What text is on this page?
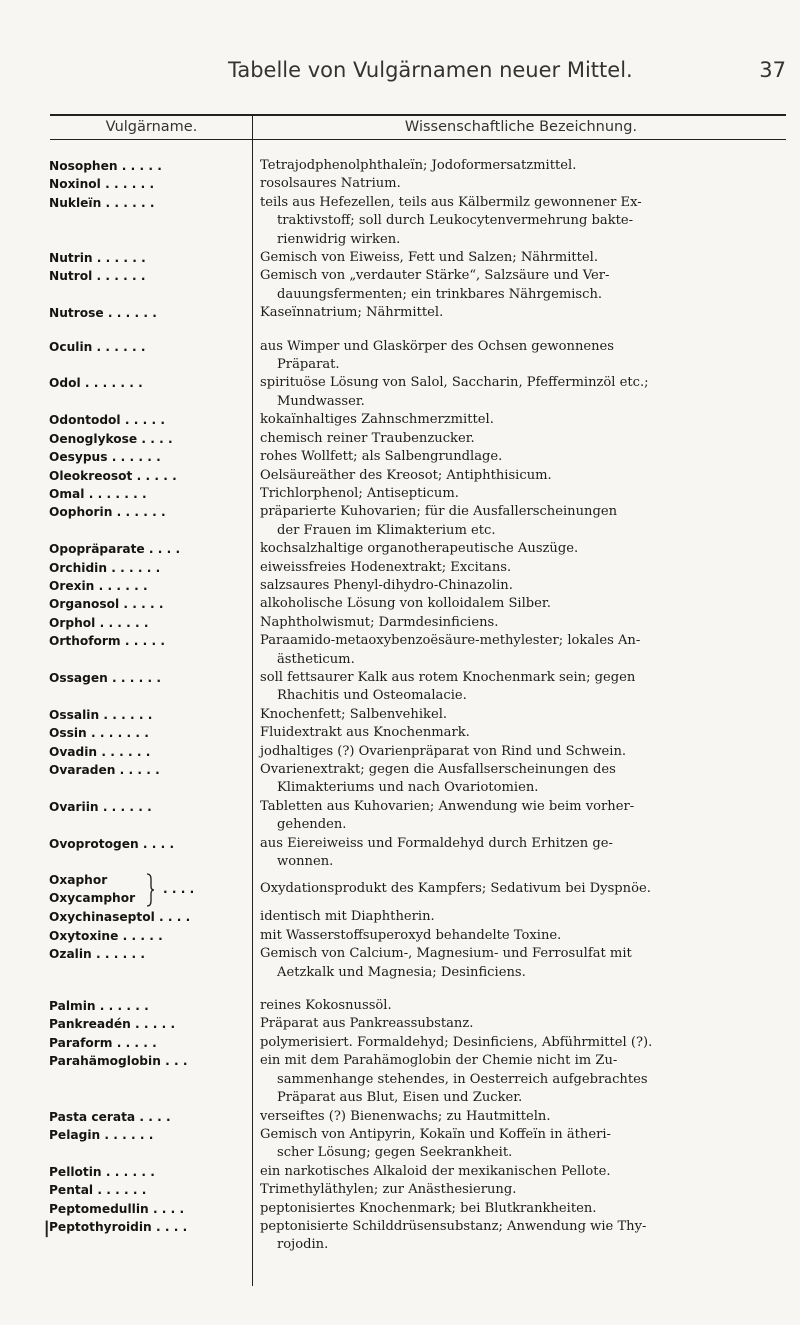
Tabelle von Vulgärnamen neuer Mittel.	37
Vulgärname.	Wissenschaftliche Bezeichnung.
Nosophen . . . . .	Tetrajodphenolphthaleïn; Jodoformersatzmittel.
Noxinol . . . . . .	rosolsaures Natrium.
Nukleïn . . . . . .	teils aus Hefezellen, teils aus Kälbermilz gewonnener Ex-
traktivstoff; soll durch Leukocytenvermehrung bakte-
rienwidrig wirken.
Nutrin . . . . . .	Gemisch von Eiweiss, Fett und Salzen; Nährmittel.
Nutrol . . . . . .	Gemisch von „verdauter Stärke“, Salzsäure und Ver-
dauungsfermenten; ein trinkbares Nährgemisch.
Nutrose . . . . . .	Kaseïnnatrium; Nährmittel.
Oculin . . . . . .	aus Wimper und Glaskörper des Ochsen gewonnenes
Präparat.
Odol . . . . . . .	spirituöse Lösung von Salol, Saccharin, Pfefferminzöl etc.;
Mundwasser.
Odontodol . . . . .	kokaïnhaltiges Zahnschmerzmittel.
Oenoglykose . . . .	chemisch reiner Traubenzucker.
Oesypus . . . . . .	rohes Wollfett; als Salbengrundlage.
Oleokreosot . . . . .	Oelsäureäther des Kreosot; Antiphthisicum.
Omal . . . . . . .	Trichlorphenol; Antisepticum.
Oophorin . . . . . .	präparierte Kuhovarien; für die Ausfallerscheinungen
der Frauen im Klimakterium etc.
Opopräparate . . . .	kochsalzhaltige organotherapeutische Auszüge.
Orchidin . . . . . .	eiweissfreies Hodenextrakt; Excitans.
Orexin . . . . . .	salzsaures Phenyl-dihydro-Chinazolin.
Organosol . . . . .	alkoholische Lösung von kolloidalem Silber.
Orphol . . . . . .	Naphtholwismut; Darmdesinficiens.
Orthoform . . . . .	Paraamido-metaoxybenzoësäure-methylester; lokales An-
ästheticum.
Ossagen . . . . . .	soll fettsaurer Kalk aus rotem Knochenmark sein; gegen
Rhachitis und Osteomalacie.
Ossalin . . . . . .	Knochenfett; Salbenvehikel.
Ossin . . . . . . .	Fluidextrakt aus Knochenmark.
Ovadin . . . . . .	jodhaltiges (?) Ovarienpräparat von Rind und Schwein.
Ovaraden . . . . .	Ovarienextrakt; gegen die Ausfallserscheinungen des
Klimakteriums und nach Ovariotomien.
Ovariin . . . . . .	Tabletten aus Kuhovarien; Anwendung wie beim vorher-
gehenden.
Ovoprotogen . . . .	aus Eiereiweiss und Formaldehyd durch Erhitzen ge-
wonnen.
Oxaphor
Oxycamphor
. . . .	Oxydationsprodukt des Kampfers; Sedativum bei Dyspnöe.
Oxychinaseptol . . . .	identisch mit Diaphtherin.
Oxytoxine . . . . .	mit Wasserstoffsuperoxyd behandelte Toxine.
Ozalin . . . . . .	Gemisch von Calcium-, Magnesium- und Ferrosulfat mit
Aetzkalk und Magnesia; Desinficiens.
Palmin . . . . . .	reines Kokosnussöl.
Pankreadén . . . . .	Präparat aus Pankreassubstanz.
Paraform . . . . .	polymerisiert. Formaldehyd; Desinficiens, Abführmittel (?).
Parahämoglobin . . .	ein mit dem Parahämoglobin der Chemie nicht im Zu-
sammenhange stehendes, in Oesterreich aufgebrachtes
Präparat aus Blut, Eisen und Zucker.
Pasta cerata . . . .	verseiftes (?) Bienenwachs; zu Hautmitteln.
Pelagin . . . . . .	Gemisch von Antipyrin, Kokaïn und Koffeïn in ätheri-
scher Lösung; gegen Seekrankheit.
Pellotin . . . . . .	ein narkotisches Alkaloid der mexikanischen Pellote.
Pental . . . . . .	Trimethyläthylen; zur Anästhesierung.
Peptomedullin . . . .	peptonisiertes Knochenmark; bei Blutkrankheiten.
Peptothyroidin . . . .	peptonisierte Schilddrüsensubstanz; Anwendung wie Thy-
rojodin.
❘
